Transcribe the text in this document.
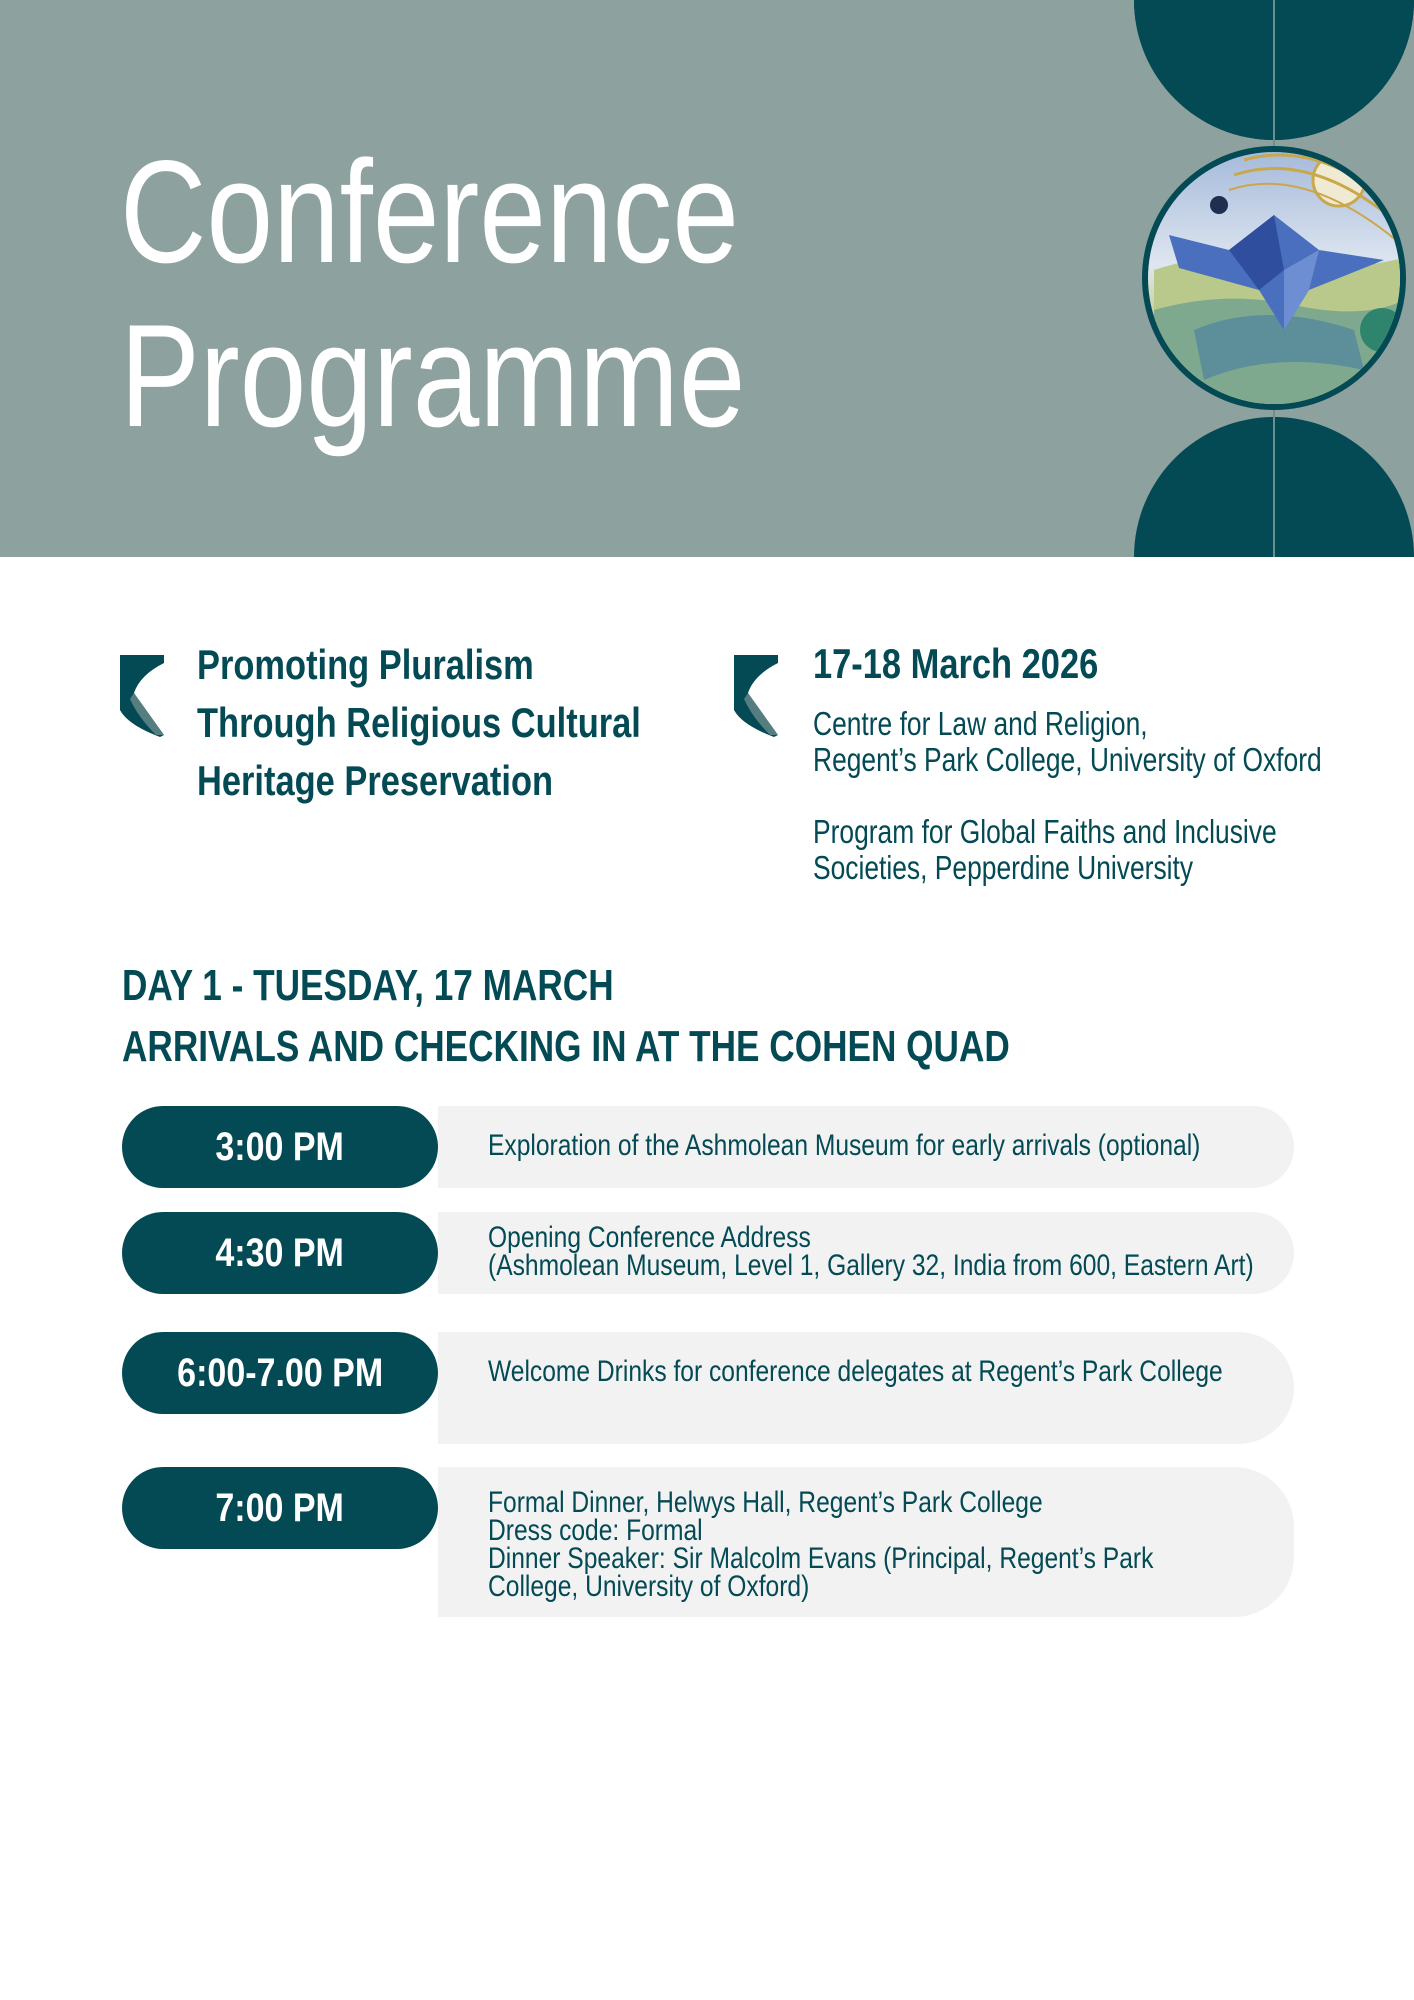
Conference
Programme
Promoting Pluralism
Through Religious Cultural
Heritage Preservation
17-18 March 2026
Centre for Law and Religion,
Regent’s Park College, University of Oxford
Program for Global Faiths and Inclusive
Societies, Pepperdine University
DAY 1 - TUESDAY, 17 MARCH
ARRIVALS AND CHECKING IN AT THE COHEN QUAD
Exploration of the Ashmolean Museum for early arrivals (optional)
3:00 PM
Opening Conference Address
(Ashmolean Museum, Level 1, Gallery 32, India from 600, Eastern Art)
4:30 PM
Welcome Drinks for conference delegates at Regent’s Park College
6:00-7.00 PM
Formal Dinner, Helwys Hall, Regent’s Park College
Dress code: Formal
Dinner Speaker: Sir Malcolm Evans (Principal, Regent’s Park
College, University of Oxford)
7:00 PM
